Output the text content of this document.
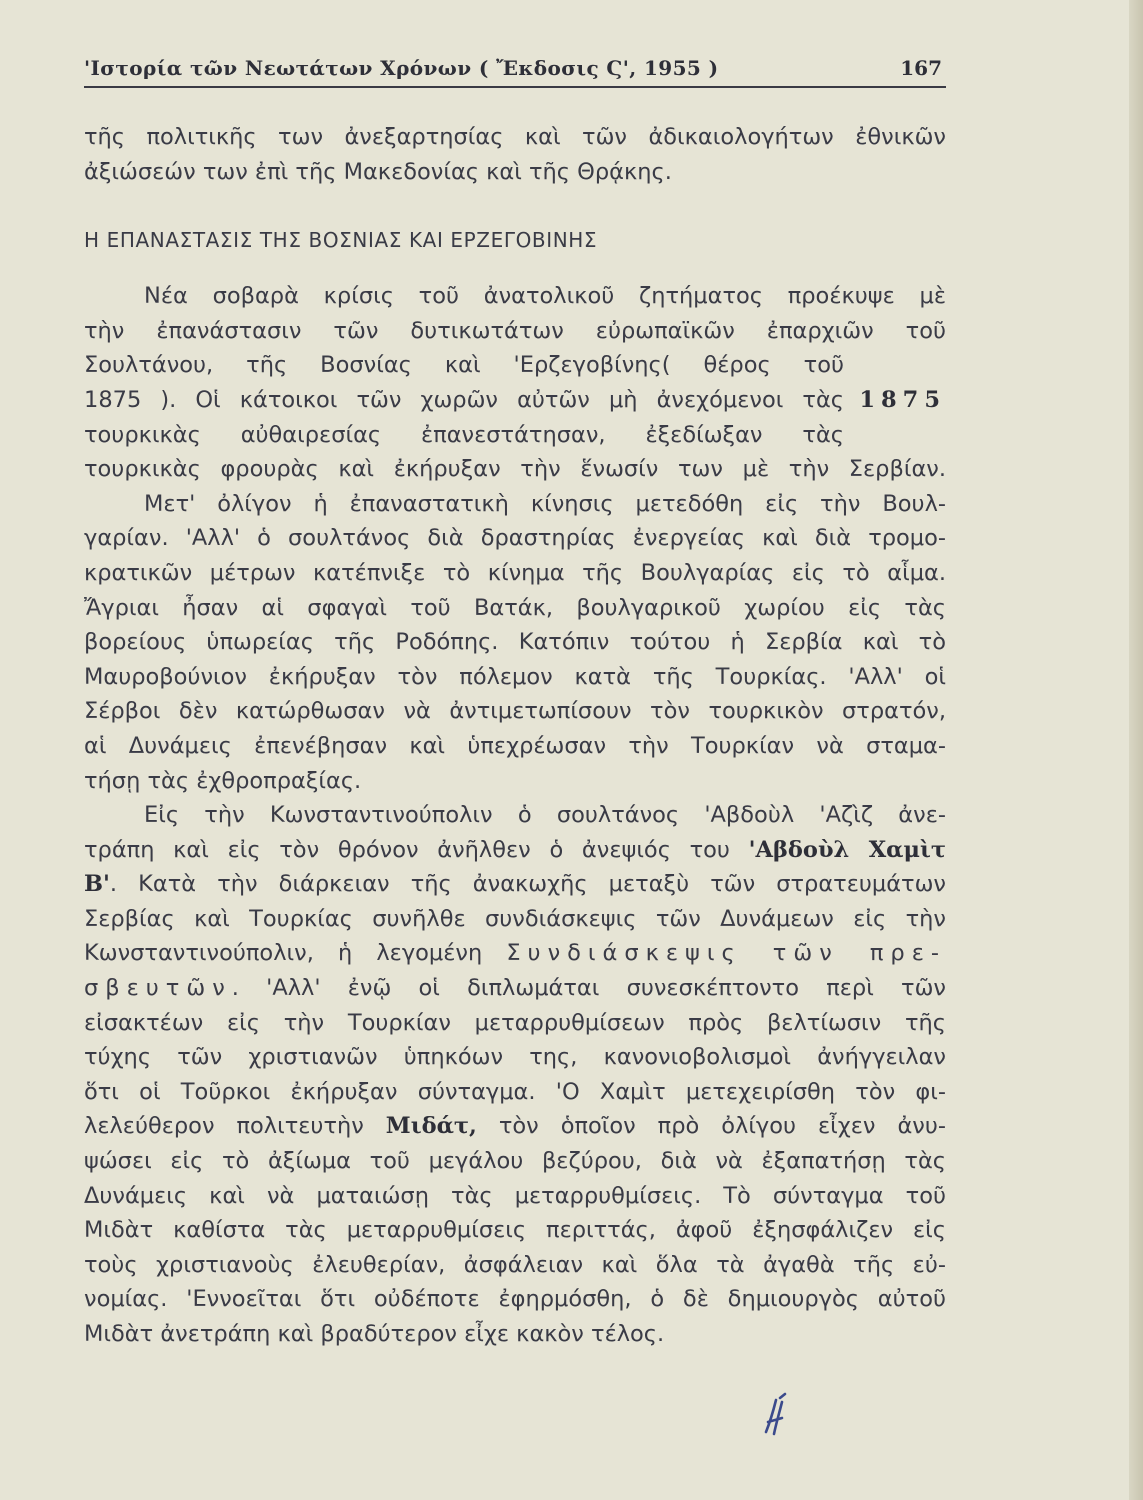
'Ιστορία τῶν Νεωτάτων Χρόνων ( Ἔκδοσις Ϛ', 1955 )	167
τῆς πολιτικῆς των ἀνεξαρτησίας καὶ τῶν ἀδικαιολογήτων ἐθνικῶν
ἀξιώσεών των ἐπὶ τῆς Μακεδονίας καὶ τῆς Θρᾴκης.
Η ΕΠΑΝΑΣΤΑΣΙΣ ΤΗΣ ΒΟΣΝΙΑΣ ΚΑΙ ΕΡΖΕΓΟΒΙΝΗΣ
Νέα σοβαρὰ κρίσις τοῦ ἀνατολικοῦ ζητήματος προέκυψε μὲ
τὴν ἐπανάστασιν τῶν δυτικωτάτων εὐρωπαϊκῶν ἐπαρχιῶν τοῦ
Σουλτάνου, τῆς Βοσνίας καὶ 'Ερζεγοβίνης( θέρος τοῦ
1875 ). Οἱ κάτοικοι τῶν χωρῶν αὐτῶν μὴ ἀνεχόμενοι τὰς 1875
τουρκικὰς αὐθαιρεσίας ἐπανεστάτησαν, ἐξεδίωξαν τὰς
τουρκικὰς φρουρὰς καὶ ἐκήρυξαν τὴν ἕνωσίν των μὲ τὴν Σερβίαν.
Μετ' ὀλίγον ἡ ἐπαναστατικὴ κίνησις μετεδόθη εἰς τὴν Βουλ-
γαρίαν. 'Αλλ' ὁ σουλτάνος διὰ δραστηρίας ἐνεργείας καὶ διὰ τρομο-
κρατικῶν μέτρων κατέπνιξε τὸ κίνημα τῆς Βουλγαρίας εἰς τὸ αἷμα.
Ἄγριαι ἦσαν αἱ σφαγαὶ τοῦ Βατάκ, βουλγαρικοῦ χωρίου εἰς τὰς
βορείους ὑπωρείας τῆς Ροδόπης. Κατόπιν τούτου ἡ Σερβία καὶ τὸ
Μαυροβούνιον ἐκήρυξαν τὸν πόλεμον κατὰ τῆς Τουρκίας. 'Αλλ' οἱ
Σέρβοι δὲν κατώρθωσαν νὰ ἀντιμετωπίσουν τὸν τουρκικὸν στρατόν,
αἱ Δυνάμεις ἐπενέβησαν καὶ ὑπεχρέωσαν τὴν Τουρκίαν νὰ σταμα-
τήσῃ τὰς ἐχθροπραξίας.
Εἰς τὴν Κωνσταντινούπολιν ὁ σουλτάνος 'Αβδοὺλ 'Αζὶζ ἀνε-
τράπη καὶ εἰς τὸν θρόνον ἀνῆλθεν ὁ ἀνεψιός του 'Αβδοὺλ Χαμὶτ
Β'. Κατὰ τὴν διάρκειαν τῆς ἀνακωχῆς μεταξὺ τῶν στρατευμάτων
Σερβίας καὶ Τουρκίας συνῆλθε συνδιάσκεψις τῶν Δυνάμεων εἰς τὴν
Κωνσταντινούπολιν, ἡ λεγομένη Συνδιάσκεψις τῶν πρε-
σβευτῶν. 'Αλλ' ἐνῷ οἱ διπλωμάται συνεσκέπτοντο περὶ τῶν
εἰσακτέων εἰς τὴν Τουρκίαν μεταρρυθμίσεων πρὸς βελτίωσιν τῆς
τύχης τῶν χριστιανῶν ὑπηκόων της, κανονιοβολισμοὶ ἀνήγγειλαν
ὅτι οἱ Τοῦρκοι ἐκήρυξαν σύνταγμα. 'Ο Χαμὶτ μετεχειρίσθη τὸν φι-
λελεύθερον πολιτευτὴν Μιδάτ, τὸν ὁποῖον πρὸ ὀλίγου εἶχεν ἀνυ-
ψώσει εἰς τὸ ἀξίωμα τοῦ μεγάλου βεζύρου, διὰ νὰ ἐξαπατήσῃ τὰς
Δυνάμεις καὶ νὰ ματαιώσῃ τὰς μεταρρυθμίσεις. Τὸ σύνταγμα τοῦ
Μιδὰτ καθίστα τὰς μεταρρυθμίσεις περιττάς, ἀφοῦ ἐξησφάλιζεν εἰς
τοὺς χριστιανοὺς ἐλευθερίαν, ἀσφάλειαν καὶ ὅλα τὰ ἀγαθὰ τῆς εὐ-
νομίας. 'Εννοεῖται ὅτι οὐδέποτε ἐφηρμόσθη, ὁ δὲ δημιουργὸς αὐτοῦ
Μιδὰτ ἀνετράπη καὶ βραδύτερον εἶχε κακὸν τέλος.
